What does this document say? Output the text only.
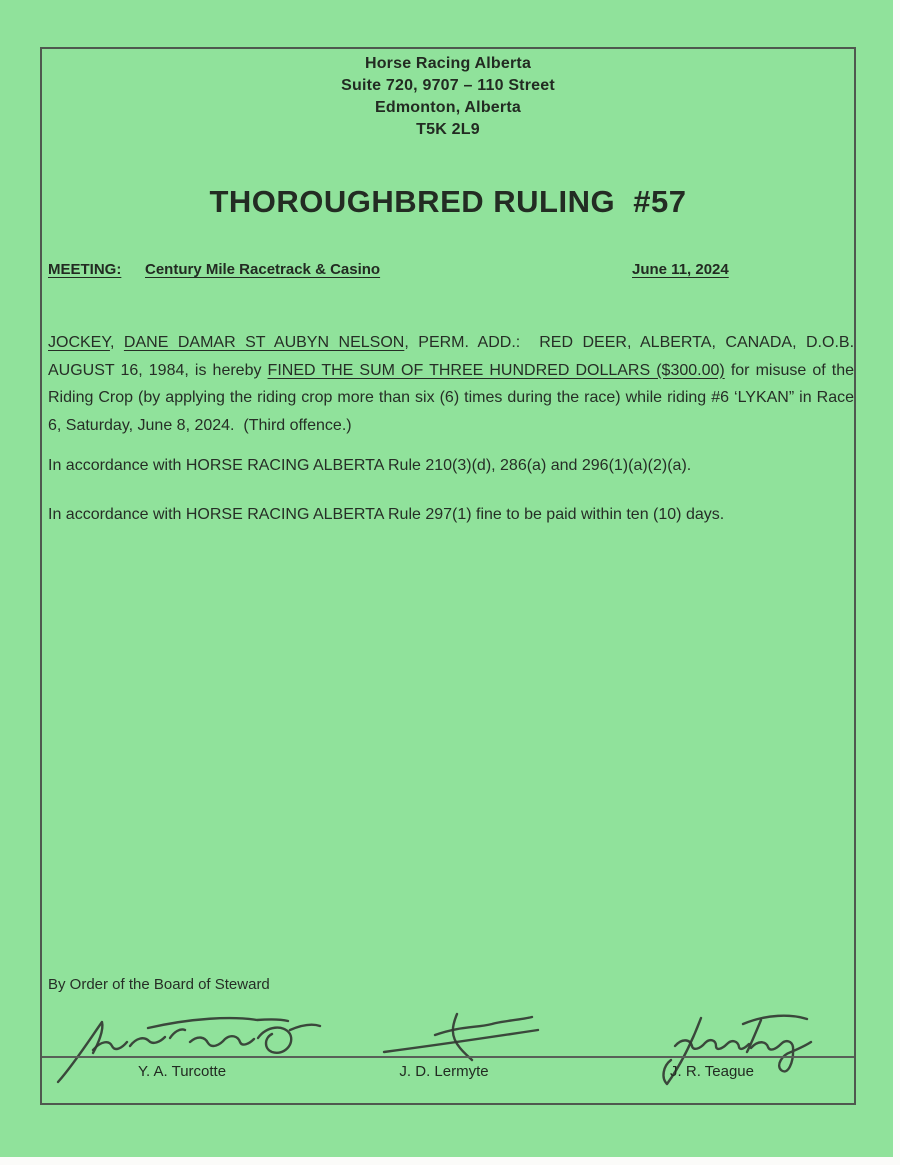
Horse Racing Alberta
Suite 720, 9707 – 110 Street
Edmonton, Alberta
T5K 2L9
THOROUGHBRED RULING  #57
MEETING: Century Mile Racetrack & Casino	June 11, 2024
JOCKEY, DANE DAMAR ST AUBYN NELSON, PERM. ADD.:  RED DEER, ALBERTA, CANADA, D.O.B. AUGUST 16, 1984, is hereby FINED THE SUM OF THREE HUNDRED DOLLARS ($300.00) for misuse of the Riding Crop (by applying the riding crop more than six (6) times during the race) while riding #6 ‘LYKAN” in Race 6, Saturday, June 8, 2024.  (Third offence.)
In accordance with HORSE RACING ALBERTA Rule 210(3)(d), 286(a) and 296(1)(a)(2)(a).
In accordance with HORSE RACING ALBERTA Rule 297(1) fine to be paid within ten (10) days.
By Order of the Board of Steward
Y. A. Turcotte	J. D. Lermyte	J. R. Teague
